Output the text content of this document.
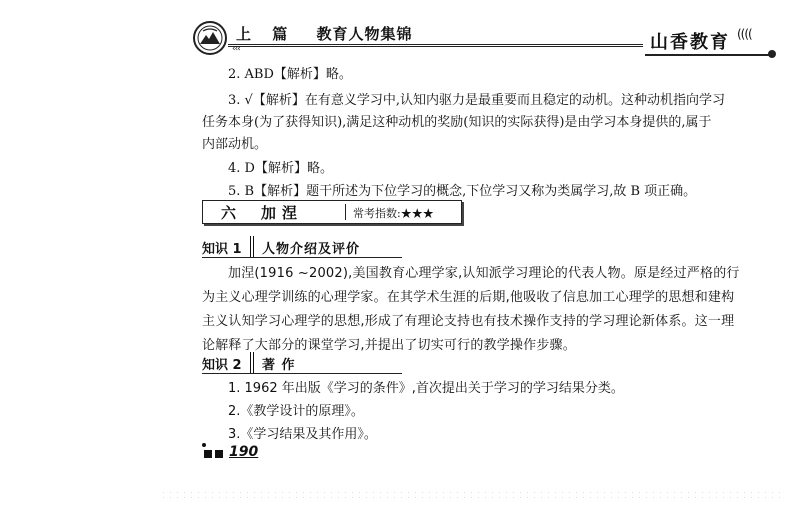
上 篇 教育人物集锦
‹‹‹	山香教育 ((((
2. ABD【解析】略。
3. √【解析】在有意义学习中,认知内驱力是最重要而且稳定的动机。这种动机指向学习
任务本身(为了获得知识),满足这种动机的奖励(知识的实际获得)是由学习本身提供的,属于
内部动机。
4. D【解析】略。
5. B【解析】题干所述为下位学习的概念,下位学习又称为类属学习,故 B 项正确。
六 加涅	常考指数:★★★
知识 1 人物介绍及评价
加涅(1916 ~2002),美国教育心理学家,认知派学习理论的代表人物。原是经过严格的行
为主义心理学训练的心理学家。在其学术生涯的后期,他吸收了信息加工心理学的思想和建构
主义认知学习心理学的思想,形成了有理论支持也有技术操作支持的学习理论新体系。这一理
论解释了大部分的课堂学习,并提出了切实可行的教学操作步骤。
知识 2 著 作
1. 1962 年出版《学习的条件》,首次提出关于学习的学习结果分类。
2.《教学设计的原理》。
3.《学习结果及其作用》。
190
